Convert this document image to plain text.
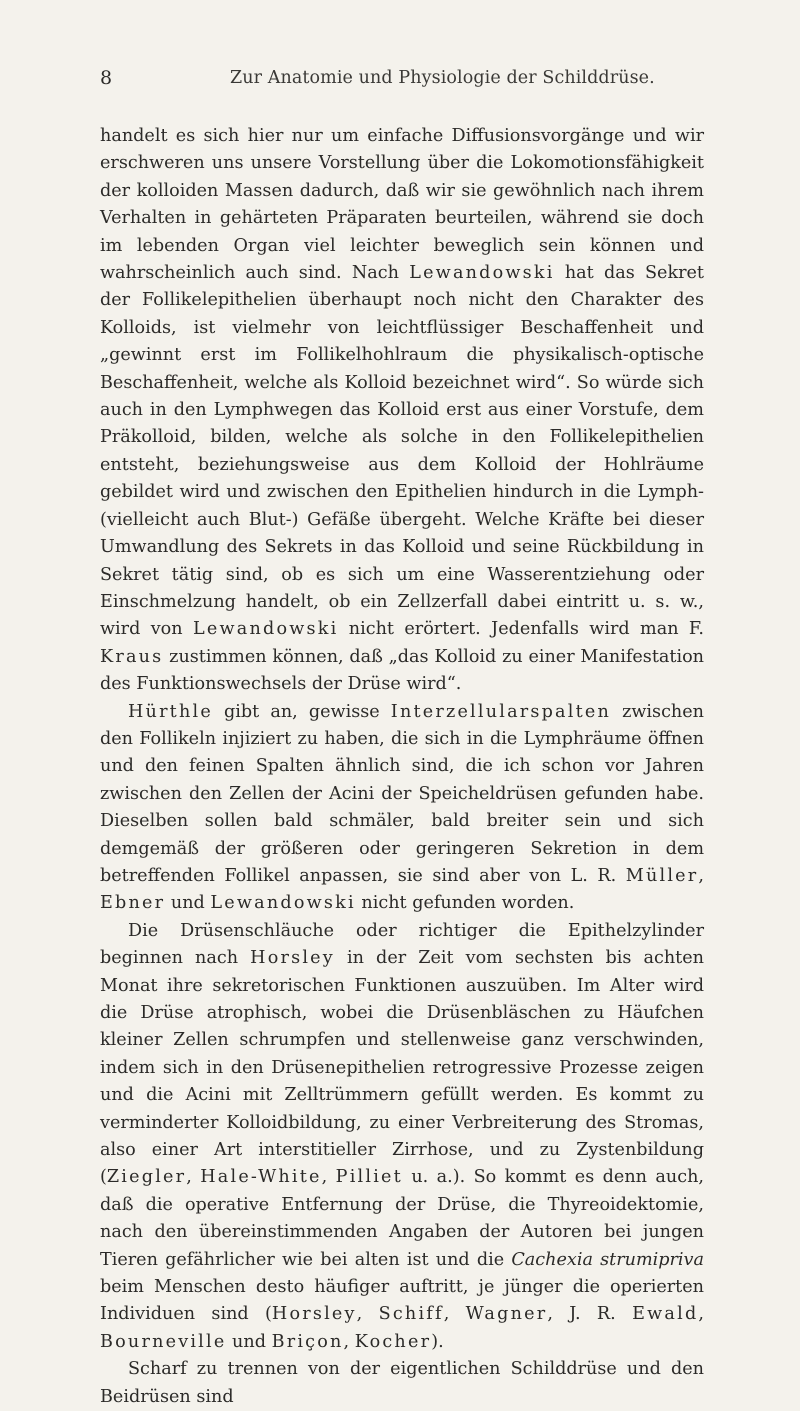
8	Zur Anatomie und Physiologie der Schilddrüse.

handelt es sich hier nur um einfache Diffusionsvorgänge und wir erschweren uns unsere Vorstellung über die Lokomotionsfähigkeit der kolloiden Massen dadurch, daß wir sie gewöhnlich nach ihrem Verhalten in gehärteten Präparaten beurteilen, während sie doch im lebenden Organ viel leichter beweglich sein können und wahrscheinlich auch sind. Nach Lewandowski hat das Sekret der Follikelepithelien überhaupt noch nicht den Charakter des Kolloids, ist vielmehr von leichtflüssiger Beschaffenheit und „gewinnt erst im Follikelhohlraum die physikalisch-optische Beschaffenheit, welche als Kolloid bezeichnet wird“. So würde sich auch in den Lymphwegen das Kolloid erst aus einer Vorstufe, dem Präkolloid, bilden, welche als solche in den Follikelepithelien entsteht, beziehungsweise aus dem Kolloid der Hohlräume gebildet wird und zwischen den Epithelien hindurch in die Lymph- (vielleicht auch Blut-) Gefäße übergeht. Welche Kräfte bei dieser Umwandlung des Sekrets in das Kolloid und seine Rückbildung in Sekret tätig sind, ob es sich um eine Wasserentziehung oder Einschmelzung handelt, ob ein Zellzerfall dabei eintritt u. s. w., wird von Lewandowski nicht erörtert. Jedenfalls wird man F. Kraus zustimmen können, daß „das Kolloid zu einer Manifestation des Funktionswechsels der Drüse wird“.

Hürthle gibt an, gewisse Interzellularspalten zwischen den Follikeln injiziert zu haben, die sich in die Lymphräume öffnen und den feinen Spalten ähnlich sind, die ich schon vor Jahren zwischen den Zellen der Acini der Speicheldrüsen gefunden habe. Dieselben sollen bald schmäler, bald breiter sein und sich demgemäß der größeren oder geringeren Sekretion in dem betreffenden Follikel anpassen, sie sind aber von L. R. Müller, Ebner und Lewandowski nicht gefunden worden.

Die Drüsenschläuche oder richtiger die Epithelzylinder beginnen nach Horsley in der Zeit vom sechsten bis achten Monat ihre sekretorischen Funktionen auszuüben. Im Alter wird die Drüse atrophisch, wobei die Drüsenbläschen zu Häufchen kleiner Zellen schrumpfen und stellenweise ganz verschwinden, indem sich in den Drüsenepithelien retrogressive Prozesse zeigen und die Acini mit Zelltrümmern gefüllt werden. Es kommt zu verminderter Kolloidbildung, zu einer Verbreiterung des Stromas, also einer Art interstitieller Zirrhose, und zu Zystenbildung (Ziegler, Hale-White, Pilliet u. a.). So kommt es denn auch, daß die operative Entfernung der Drüse, die Thyreoidektomie, nach den übereinstimmenden Angaben der Autoren bei jungen Tieren gefährlicher wie bei alten ist und die Cachexia strumipriva beim Menschen desto häufiger auftritt, je jünger die operierten Individuen sind (Horsley, Schiff, Wagner, J. R. Ewald, Bourneville und Briçon, Kocher).

Scharf zu trennen von der eigentlichen Schilddrüse und den Beidrüsen sind
